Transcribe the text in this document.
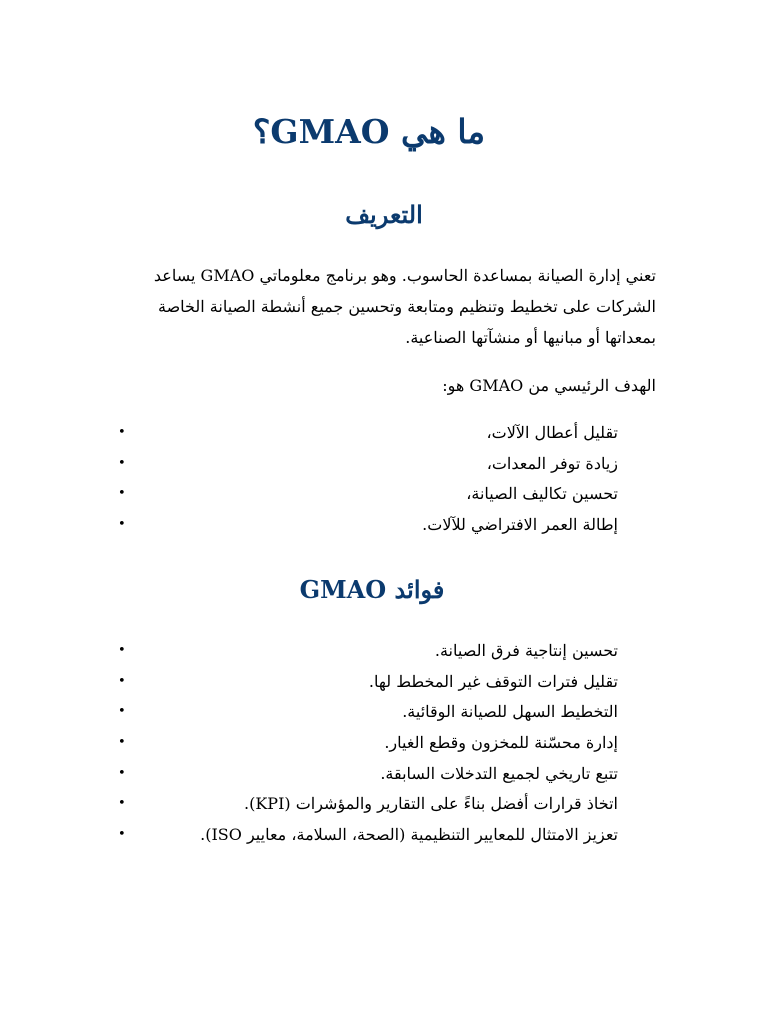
ما هي GMAO؟
التعريف

تعني إدارة الصيانة بمساعدة الحاسوب. وهو برنامج معلوماتي GMAO يساعد الشركات على تخطيط وتنظيم ومتابعة وتحسين جميع أنشطة الصيانة الخاصة بمعداتها أو مبانيها أو منشآتها الصناعية.

الهدف الرئيسي من GMAO هو:

•	تقليل أعطال الآلات،
•	زيادة توفر المعدات،
•	تحسين تكاليف الصيانة،
•	إطالة العمر الافتراضي للآلات.
فوائد GMAO
•	تحسين إنتاجية فرق الصيانة.
•	تقليل فترات التوقف غير المخطط لها.
•	التخطيط السهل للصيانة الوقائية.
•	إدارة محسّنة للمخزون وقطع الغيار.
•	تتبع تاريخي لجميع التدخلات السابقة.
•	اتخاذ قرارات أفضل بناءً على التقارير والمؤشرات (KPI).
•	تعزيز الامتثال للمعايير التنظيمية (الصحة، السلامة، معايير ISO).
